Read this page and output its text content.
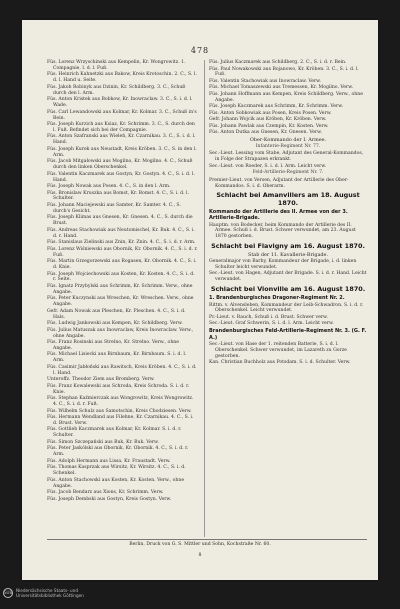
478
Füs. Lorenz Wrzyschinski aus Kempelin, Kr. Wongrowitz. 1. Compagnie, l. d. l. Fuß.
Füs. Heinrich Kahnetzki aus Bakow, Kreis Krotoschin. 2. C., S. l. d. l. Hand u. Seite.
Füs. Jakob Robinyk aus Dzinin, Kr. Schildberg. 3. C., Schuß durch den l. Arm.
Füs. Anton Kristek aus Bobkow, Kr. Inowraclaw. 3. C., S. i. d. l. Wade.
Füs. Carl Lewandowski aus Kolmar, Kr. Kolmar. 3. C., Schuß in's Bein.
Füs. Joseph Kurzich aus Ksiaz, Kr. Schrimm. 3. C., S. durch den l. Fuß. Befindet sich bei der Compagnie.
Füs. Anton Szafranski aus Wieleń, Kr. Czarnikau. 3. C., S. i. d. l. Hand.
Füs. Joseph Kurek aus Neustadt, Kreis Kröben. 3. C., S. in den l. Arm.
Füs. Jacob Mitgałowski aus Mogilno, Kr. Mogilno. 4. C., Schuß durch den linken Oberschenkel.
Füs. Valentin Kaczmarek aus Gostyn, Kr. Gostyn. 4. C., S. i. d. l. Hand.
Füs. Joseph Nowak aus Posen. 4. C., S. in den l. Arm.
Füs. Bronislaw Kruszka aus Bomst, Kr. Bomst. 4. C., S. i. d. l. Schulter.
Füs. Johann Maciejewski aus Samter, Kr. Samter. 4. C., S. durch's Gesicht.
Füs. Joseph Klimas aus Gnesen, Kr. Gnesen. 4. C., S. durch die Brust.
Füs. Andreas Stachowiak aus Neutomischel, Kr. Buk. 4. C., S. i. d. r. Hand.
Füs. Stanislaus Zielinski aus Znin, Kr. Znin. 4. C., S. i. d. r. Arm.
Füs. Lorenz Wiśniewski aus Obornik, Kr. Obornik. 4. C., S. i. d. r. Fuß.
Füs. Martin Grzegorzewski aus Rogasen, Kr. Obornik. 4. C., S. i. d. Knie.
Füs. Joseph Wojciechowski aus Kosten, Kr. Kosten. 4. C., S. i. d. r. Seite.
Füs. Ignatz Przybylski aus Schrimm, Kr. Schrimm. Verw., ohne Angabe.
Füs. Peter Kuczynski aus Wreschen, Kr. Wreschen. Verw., ohne Angabe.
Gefr. Adam Nowak aus Pleschen, Kr. Pleschen. 4. C., S. i. d. Hals.
Füs. Ludwig Jankowski aus Kempen, Kr. Schildberg. Verw.
Füs. Julius Matuszak aus Inowraclaw, Kreis Inowraclaw. Verw., ohne Angabe.
Füs. Franz Rosinski aus Strelno, Kr. Strelno. Verw., ohne Angabe.
Füs. Michael Lisiecki aus Birnbaum, Kr. Birnbaum. S. i. d. l. Arm.
Füs. Casimir Jabłoński aus Rawitsch, Kreis Kröben. 4. C., S. i. d. l. Hand.
Unteroffz. Theodor Ziem aus Bromberg. Verw.
Füs. Franz Kowalewski aus Schroda, Kreis Schroda. S. i. d. r. Knie.
Füs. Stephan Kaźmierczak aus Wongrowitz, Kreis Wongrowitz. 4. C., S. i. d. r. Fuß.
Füs. Wilhelm Schulz aus Samotschin, Kreis Chodziesen. Verw.
Füs. Hermann Wendland aus Filehne, Kr. Czarnikau. 4. C., S. i. d. Brust. Verw.
Füs. Gottlieb Kaczmarek aus Kolmar, Kr. Kolmar. S. i. d. r. Schulter.
Füs. Simon Szczepański aus Buk, Kr. Buk. Verw.
Füs. Peter Jaskólski aus Obornik, Kr. Obornik. 4. C., S. i. d. r. Arm.
Füs. Adolph Hermann aus Lissa, Kr. Fraustadt. Verw.
Füs. Thomas Kasprzak aus Wirsitz, Kr. Wirsitz. 4. C., S. i. d. Schenkel.
Füs. Anton Stachowski aus Kosten, Kr. Kosten. Verw., ohne Angabe.
Füs. Jacob Bendarz aus Xions, Kr. Schrimm. Verw.
Füs. Joseph Dembski aus Gostyn, Kreis Gostyn. Verw.
Füs. Julius Kaczmarek aus Schildberg. 2. C., S. i. d. r. Bein.
Füs. Paul Nowakowski aus Bojanowo, Kr. Kröben. 3. C., S. i. d. l. Fuß.
Füs. Valentin Stachowiak aus Inowraclaw. Verw.
Füs. Michael Tomaszewski aus Tremessen, Kr. Mogilno. Verw.
Füs. Johann Hoffmann aus Kempen, Kreis Schildberg. Verw., ohne Angabe.
Füs. Joseph Kaczmarek aus Schrimm, Kr. Schrimm. Verw.
Füs. Anton Sobkowiak aus Posen, Kreis Posen. Verw.
Gefr. Johann Wojcik aus Kröben, Kr. Kröben. Verw.
Füs. Johann Pawlak aus Czempin, Kr. Kosten. Verw.
Füs. Anton Dutka aus Gnesen, Kr. Gnesen. Verw.
Ober-Kommando der I. Armee.
Infanterie-Regiment Nr. 77.
Sec.-Lieut. Lessing vom Stabe, Adjutant des General-Kommandos, in Folge der Strapazen erkrankt.
Sec.-Lieut. von Roeder, S. i. d. l. Arm. Leicht verw.
Feld-Artillerie-Regiment Nr. 7.
Premier-Lieut. von Versen, Adjutant der Artillerie des Ober-Kommandos. S. i. d. Oberarm.
Schlacht bei Amanvillers am 18. August 1870.
Kommando der Artillerie des II. Armee von der 3. Artillerie-Brigade.
Hauptm. von Bodecker, beim Kommando der Artillerie des II. Armee. Schuß i. d. Brust. Schwer verwundet, am 23. August 1870 gestorben.
Schlacht bei Flavigny am 16. August 1870.
Stab der 11. Kavallerie-Brigade.
Generalmajor von Barby, Kommandeur der Brigade, i. d. linken Schulter leicht verwundet.
Sec.-Lieut. von Hagen, Adjutant der Brigade. S. i. d. r. Hand. Leicht verwundet.
Schlacht bei Vionville am 16. August 1870.
1. Brandenburgisches Dragoner-Regiment Nr. 2.
Rittm. v. Alvensleben, Kommandeur der Leib-Schwadron. S. i. d. r. Oberschenkel. Leicht verwundet.
Pr.-Lieut. v. Rauch, Schuß i. d. Brust. Schwer verw.
Sec.-Lieut. Graf Schwerin, S. i. d. l. Arm. Leicht verw.
Brandenburgisches Feld-Artillerie-Regiment Nr. 3. (G. F. A.)
Sec.-Lieut. von Hase der 1. reitenden Batterie, S. i. d. l. Oberschenkel. Schwer verwundet, im Lazareth zu Gorze gestorben.
Kan. Christian Buchholz aus Potsdam. S. i. d. Schulter. Verw.
Berlin, Druck von G. S. Mittler und Sohn, Kochstraße Nr. 60.
8
SUB Niedersächsische Staats- und
Universitätsbibliothek Göttingen
